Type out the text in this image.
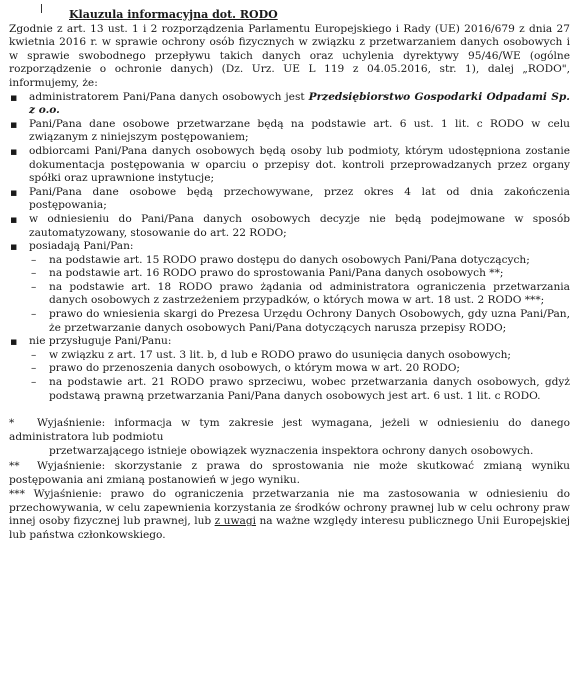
Klauzula informacyjna dot. RODO

Zgodnie z art. 13 ust. 1 i 2 rozporządzenia Parlamentu Europejskiego i Rady (UE) 2016/679 z dnia 27 kwietnia 2016 r. w sprawie ochrony osób fizycznych w związku z przetwarzaniem danych osobowych i w sprawie swobodnego przepływu takich danych oraz uchylenia dyrektywy 95/46/WE (ogólne rozporządzenie o ochronie danych) (Dz. Urz. UE L 119 z 04.05.2016, str. 1), dalej „RODO", informujemy, że:

▪ administratorem Pani/Pana danych osobowych jest Przedsiębiorstwo Gospodarki Odpadami Sp. z o.o.
▪ Pani/Pana dane osobowe przetwarzane będą na podstawie art. 6 ust. 1 lit. c RODO w celu związanym z niniejszym postępowaniem;
▪ odbiorcami Pani/Pana danych osobowych będą osoby lub podmioty, którym udostępniona zostanie dokumentacja postępowania w oparciu o przepisy dot. kontroli przeprowadzanych przez organy spółki oraz uprawnione instytucje;
▪ Pani/Pana dane osobowe będą przechowywane, przez okres 4 lat od dnia zakończenia postępowania;
▪ w odniesieniu do Pani/Pana danych osobowych decyzje nie będą podejmowane w sposób zautomatyzowany, stosowanie do art. 22 RODO;
▪ posiadają Pani/Pan:
– na podstawie art. 15 RODO prawo dostępu do danych osobowych Pani/Pana dotyczących;
– na podstawie art. 16 RODO prawo do sprostowania Pani/Pana danych osobowych **;
– na podstawie art. 18 RODO prawo żądania od administratora ograniczenia przetwarzania danych osobowych z zastrzeżeniem przypadków, o których mowa w art. 18 ust. 2 RODO ***;
– prawo do wniesienia skargi do Prezesa Urzędu Ochrony Danych Osobowych, gdy uzna Pani/Pan, że przetwarzanie danych osobowych Pani/Pana dotyczących narusza przepisy RODO;
▪ nie przysługuje Pani/Panu:
– w związku z art. 17 ust. 3 lit. b, d lub e RODO prawo do usunięcia danych osobowych;
– prawo do przenoszenia danych osobowych, o którym mowa w art. 20 RODO;
– na podstawie art. 21 RODO prawo sprzeciwu, wobec przetwarzania danych osobowych, gdyż podstawą prawną przetwarzania Pani/Pana danych osobowych jest art. 6 ust. 1 lit. c RODO.

* Wyjaśnienie: informacja w tym zakresie jest wymagana, jeżeli w odniesieniu do danego administratora lub podmiotu

przetwarzającego istnieje obowiązek wyznaczenia inspektora ochrony danych osobowych.

** Wyjaśnienie: skorzystanie z prawa do sprostowania nie może skutkować zmianą wyniku postępowania ani zmianą postanowień w jego wyniku.

*** Wyjaśnienie: prawo do ograniczenia przetwarzania nie ma zastosowania w odniesieniu do przechowywania, w celu zapewnienia korzystania ze środków ochrony prawnej lub w celu ochrony praw innej osoby fizycznej lub prawnej, lub z uwagi na ważne względy interesu publicznego Unii Europejskiej lub państwa członkowskiego.
